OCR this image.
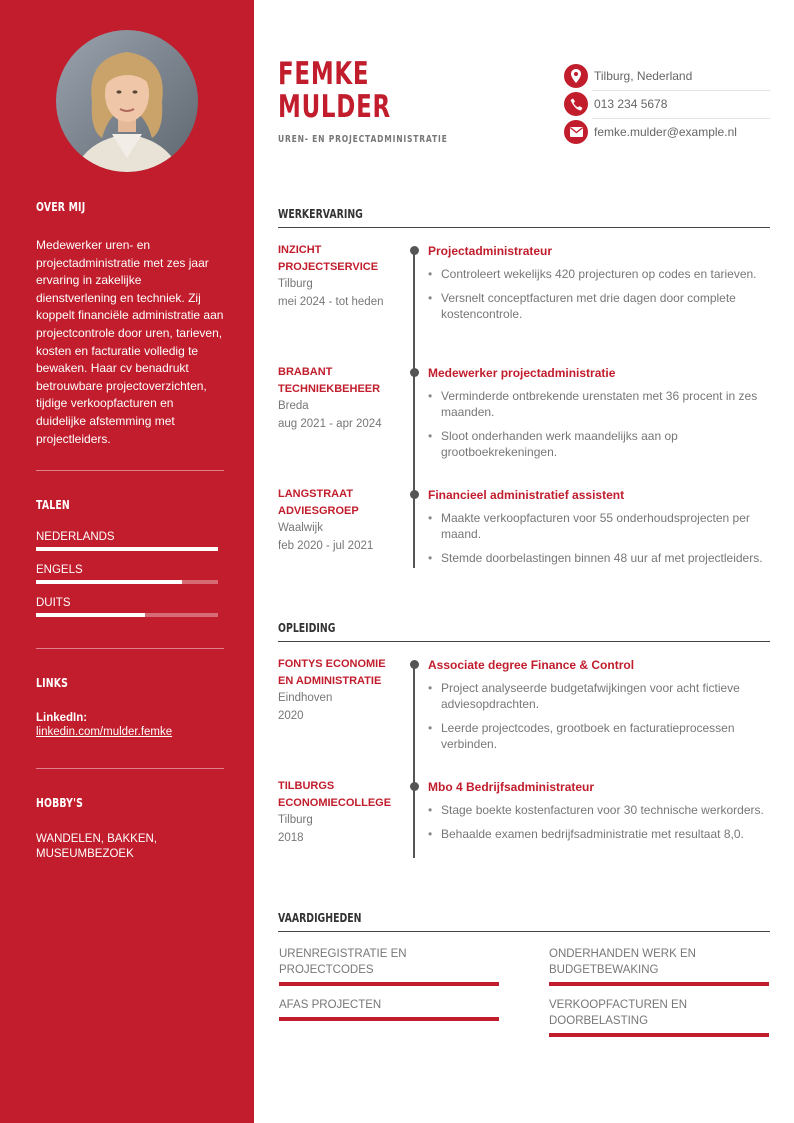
OVER MIJ
Medewerker uren- en projectadministratie met zes jaar ervaring in zakelijke dienstverlening en techniek. Zij koppelt financiële administratie aan projectcontrole door uren, tarieven, kosten en facturatie volledig te bewaken. Haar cv benadrukt betrouwbare projectoverzichten, tijdige verkoopfacturen en duidelijke afstemming met projectleiders.
TALEN
NEDERLANDS
ENGELS
DUITS
LINKS
LinkedIn:
linkedin.com/mulder.femke
HOBBY'S
WANDELEN, BAKKEN, MUSEUMBEZOEK
FEMKE
MULDER
UREN- EN PROJECTADMINISTRATIE
Tilburg, Nederland
013 234 5678
femke.mulder@example.nl
WERKERVARING
INZICHT PROJECTSERVICE
Tilburg
mei 2024 - tot heden
Projectadministrateur
• Controleert wekelijks 420 projecturen op codes en tarieven.
• Versnelt conceptfacturen met drie dagen door complete kostencontrole.
BRABANT TECHNIEKBEHEER
Breda
aug 2021 - apr 2024
Medewerker projectadministratie
• Verminderde ontbrekende urenstaten met 36 procent in zes maanden.
• Sloot onderhanden werk maandelijks aan op grootboekrekeningen.
LANGSTRAAT ADVIESGROEP
Waalwijk
feb 2020 - jul 2021
Financieel administratief assistent
• Maakte verkoopfacturen voor 55 onderhoudsprojecten per maand.
• Stemde doorbelastingen binnen 48 uur af met projectleiders.
OPLEIDING
FONTYS ECONOMIE EN ADMINISTRATIE
Eindhoven
2020
Associate degree Finance & Control
• Project analyseerde budgetafwijkingen voor acht fictieve adviesopdrachten.
• Leerde projectcodes, grootboek en facturatieprocessen verbinden.
TILBURGS ECONOMIECOLLEGE
Tilburg
2018
Mbo 4 Bedrijfsadministrateur
• Stage boekte kostenfacturen voor 30 technische werkorders.
• Behaalde examen bedrijfsadministratie met resultaat 8,0.
VAARDIGHEDEN
URENREGISTRATIE EN PROJECTCODES
ONDERHANDEN WERK EN BUDGETBEWAKING
AFAS PROJECTEN	VERKOOPFACTUREN EN DOORBELASTING
